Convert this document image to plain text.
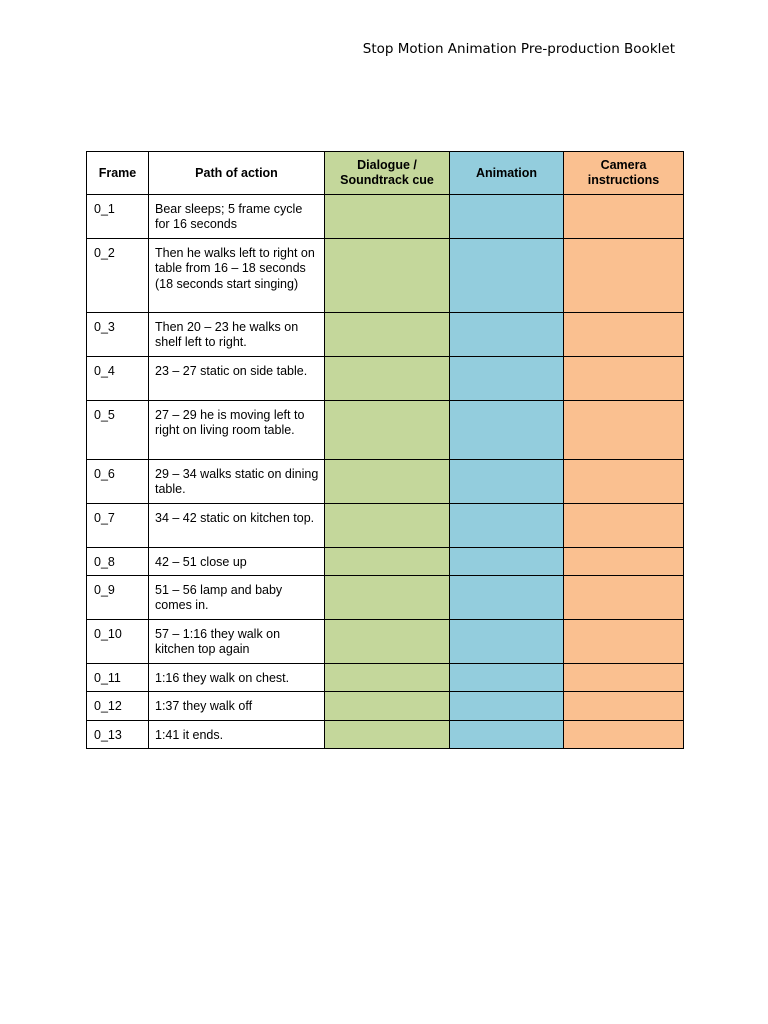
Stop Motion Animation Pre-production Booklet
Frame	Path of action	Dialogue / Soundtrack cue	Animation	Camera instructions
0_1	Bear sleeps; 5 frame cycle for 16 seconds			
0_2	Then he walks left to right on table from 16 – 18 seconds (18 seconds start singing)			
0_3	Then 20 – 23 he walks on shelf left to right.			
0_4	23 – 27 static on side table.			
0_5	27 – 29 he is moving left to right on living room table.			
0_6	29 – 34 walks static on dining table.			
0_7	34 – 42 static on kitchen top.			
0_8	42 – 51 close up			
0_9	51 – 56 lamp and baby comes in.			
0_10	57 – 1:16 they walk on kitchen top again			
0_11	1:16 they walk on chest.			
0_12	1:37 they walk off			
0_13	1:41 it ends.			
